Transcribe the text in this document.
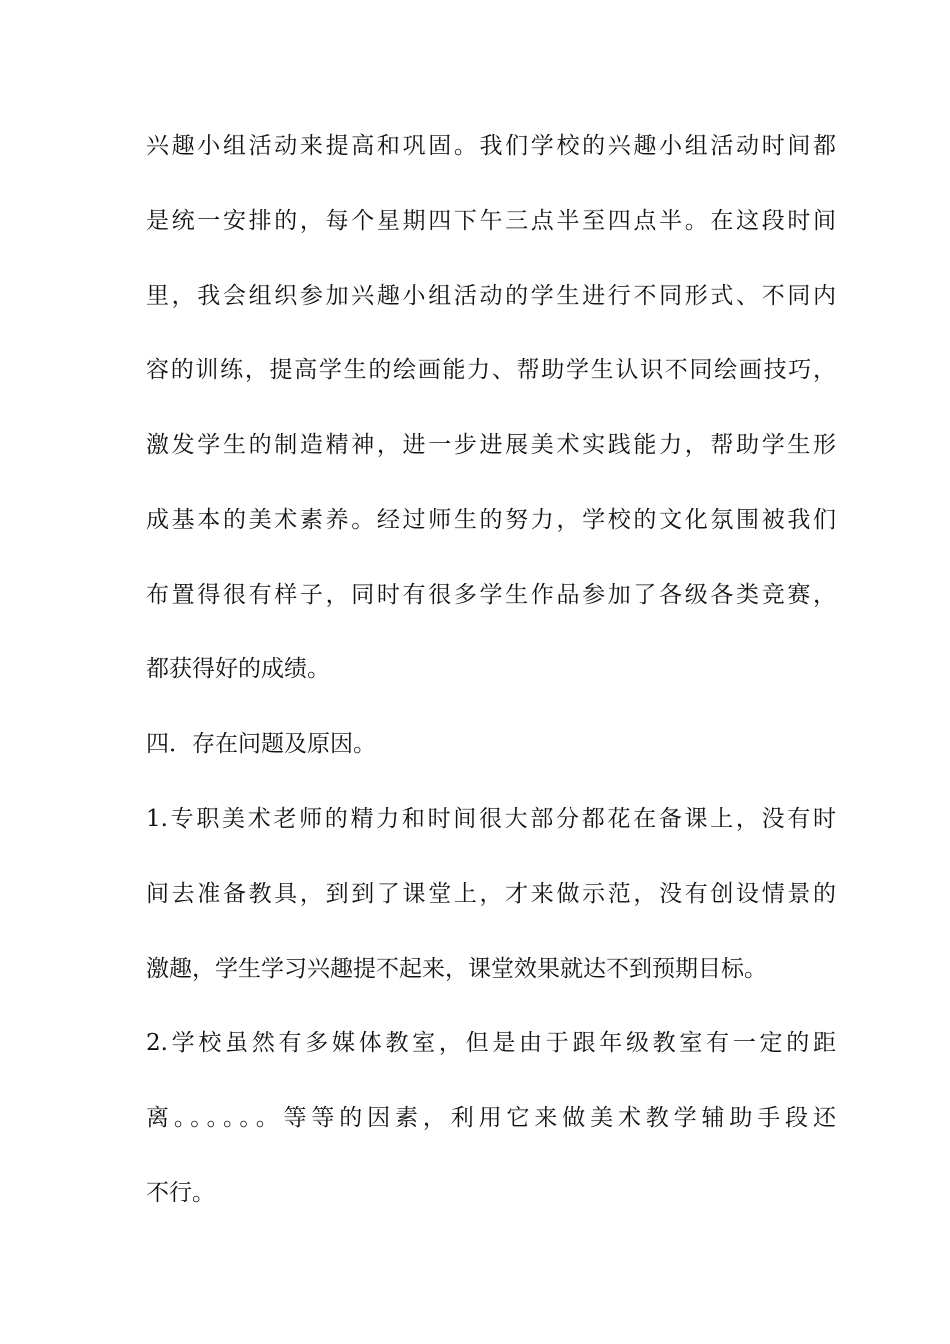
兴趣小组活动来提高和巩固。我们学校的兴趣小组活动时间都
是统一安排的，每个星期四下午三点半至四点半。在这段时间
里，我会组织参加兴趣小组活动的学生进行不同形式、不同内
容的训练，提高学生的绘画能力、帮助学生认识不同绘画技巧，
激发学生的制造精神，进一步进展美术实践能力，帮助学生形
成基本的美术素养。经过师生的努力，学校的文化氛围被我们
布置得很有样子，同时有很多学生作品参加了各级各类竞赛，
都获得好的成绩。
四．存在问题及原因。
1.专职美术老师的精力和时间很大部分都花在备课上，没有时
间去准备教具，到到了课堂上，才来做示范，没有创设情景的
激趣，学生学习兴趣提不起来，课堂效果就达不到预期目标。
2.学校虽然有多媒体教室，但是由于跟年级教室有一定的距
离。。。。。。等等的因素，利用它来做美术教学辅助手段还
不行。
